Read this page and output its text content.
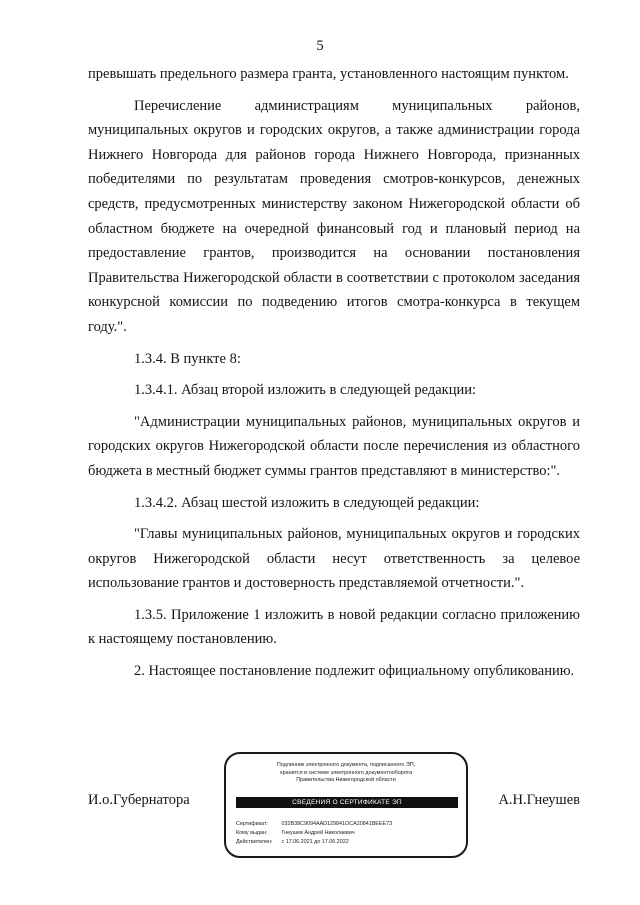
5

превышать предельного размера гранта, установленного настоящим пунктом.

Перечисление администрациям муниципальных районов, муниципальных округов и городских округов, а также администрации города Нижнего Новгорода для районов города Нижнего Новгорода, признанных победителями по результатам проведения смотров-конкурсов, денежных средств, предусмотренных министерству законом Нижегородской области об областном бюджете на очередной финансовый год и плановый период на предоставление грантов, производится на основании постановления Правительства Нижегородской области в соответствии с протоколом заседания конкурсной комиссии по подведению итогов смотра-конкурса в текущем году.".

1.3.4. В пункте 8:

1.3.4.1. Абзац второй изложить в следующей редакции:

"Администрации муниципальных районов, муниципальных округов и городских округов Нижегородской области после перечисления из областного бюджета в местный бюджет суммы грантов представляют в министерство:".

1.3.4.2. Абзац шестой изложить в следующей редакции:

"Главы муниципальных районов, муниципальных округов и городских округов Нижегородской области несут ответственность за целевое использование грантов и достоверность представляемой отчетности.".

1.3.5. Приложение 1 изложить в новой редакции согласно приложению к настоящему постановлению.

2. Настоящее постановление подлежит официальному опубликованию.

Подлинник электронного документа, подписанного ЭП,
хранится в системе электронного документооборота
Правительства Нижегородской области
СВЕДЕНИЯ О СЕРТИФИКАТЕ ЭП
Сертификат: 032B38C9094AAD129841OCA20841BEEE73
Кому выдан:	Гнеушев Андрей Николаевич
Действителен: с 17.06.2021 до 17.06.2022
И.о.Губернатора	А.Н.Гнеушев
